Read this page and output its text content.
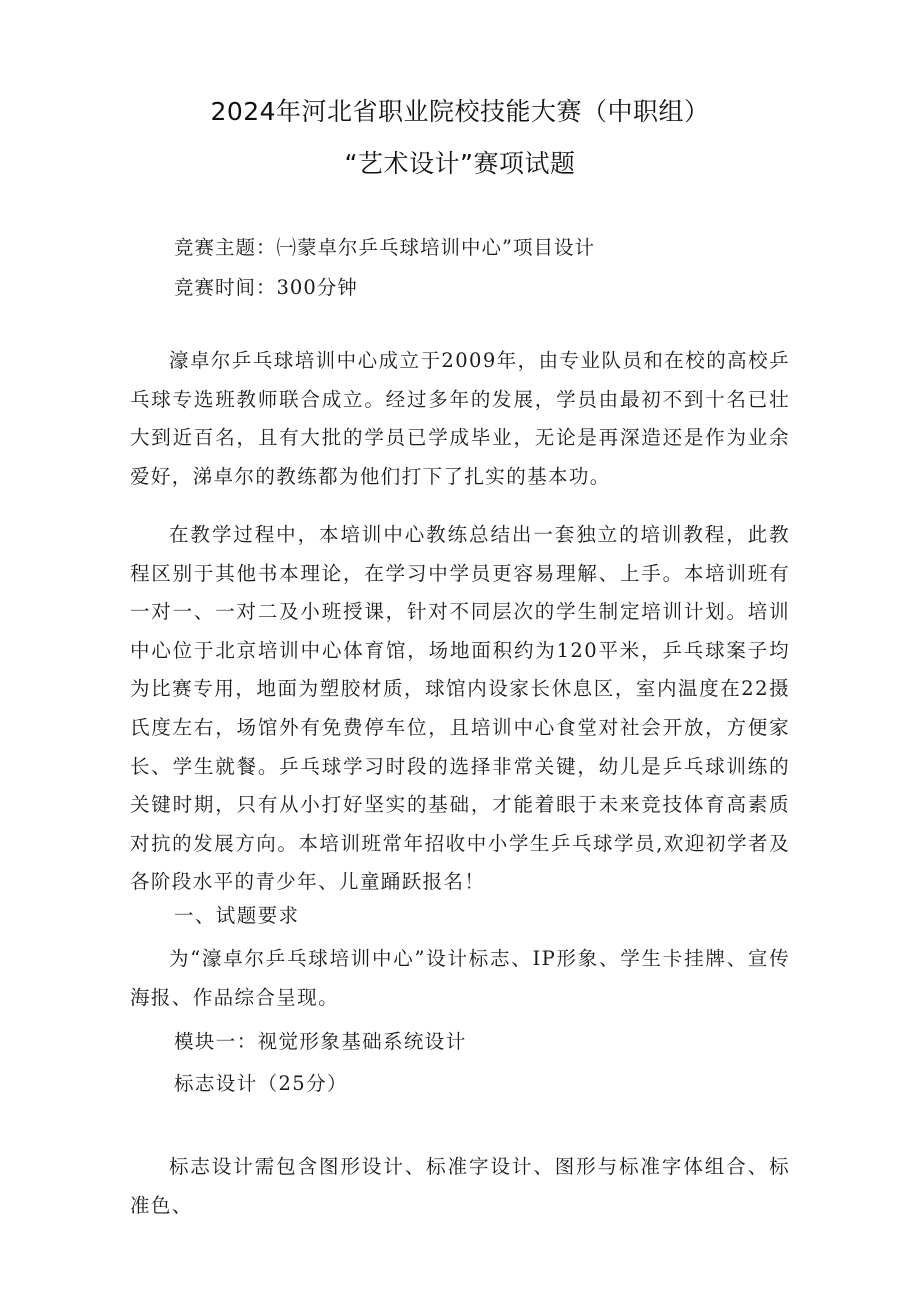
2024年河北省职业院校技能大赛（中职组）
“艺术设计”赛项试题
竞赛主题：㈠蒙卓尔乒乓球培训中心”项目设计
竞赛时间：300分钟

濠卓尔乒乓球培训中心成立于2009年，由专业队员和在校的高校乒乓球专选班教师联合成立。经过多年的发展，学员由最初不到十名已壮大到近百名，且有大批的学员已学成毕业，无论是再深造还是作为业余爱好，涕卓尔的教练都为他们打下了扎实的基本功。

在教学过程中，本培训中心教练总结出一套独立的培训教程，此教程区别于其他书本理论，在学习中学员更容易理解、上手。本培训班有一对一、一对二及小班授课，针对不同层次的学生制定培训计划。培训中心位于北京培训中心体育馆，场地面积约为120平米，乒乓球案子均为比赛专用，地面为塑胶材质，球馆内设家长休息区，室内温度在22摄氏度左右，场馆外有免费停车位，且培训中心食堂对社会开放，方便家长、学生就餐。乒乓球学习时段的选择非常关键，幼儿是乒乓球训练的关键时期，只有从小打好坚实的基础，才能着眼于未来竞技体育高素质对抗的发展方向。本培训班常年招收中小学生乒乓球学员,欢迎初学者及各阶段水平的青少年、儿童踊跃报名！

一、试题要求

为“濠卓尔乒乓球培训中心”设计标志、IP形象、学生卡挂牌、宣传海报、作品综合呈现。

模块一：视觉形象基础系统设计
标志设计（25分）

标志设计需包含图形设计、标准字设计、图形与标准字体组合、标准色、
